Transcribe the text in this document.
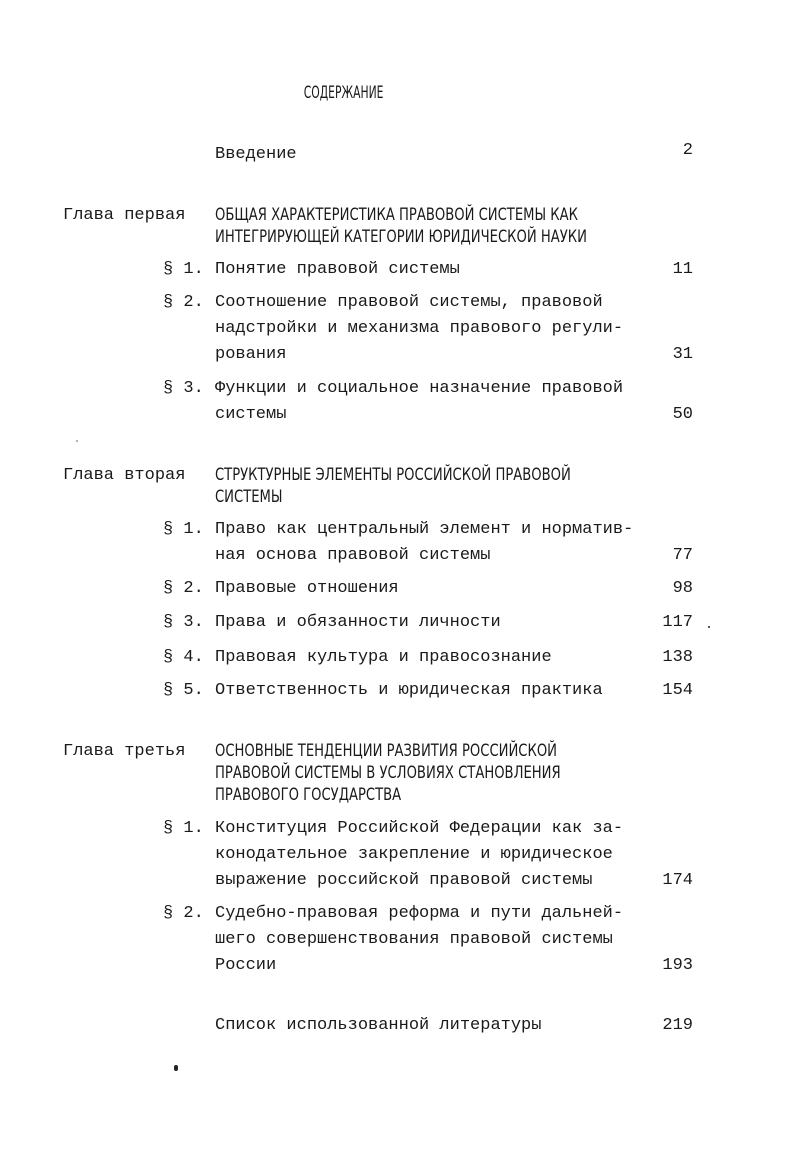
СОДЕРЖАНИЕ
Введение	2
Глава первая ОБЩАЯ ХАРАКТЕРИСТИКА ПРАВОВОЙ СИСТЕМЫ КАК
ИНТЕГРИРУЮЩЕЙ КАТЕГОРИИ ЮРИДИЧЕСКОЙ НАУКИ
§ 1. Понятие правовой системы	11
§ 2. Соотношение правовой системы, правовой
надстройки и механизма правового регули-
рования	31
§ 3. Функции и социальное назначение правовой
системы	50
Глава вторая СТРУКТУРНЫЕ ЭЛЕМЕНТЫ РОССИЙСКОЙ ПРАВОВОЙ
СИСТЕМЫ
§ 1. Право как центральный элемент и норматив-
ная основа правовой системы	77
§ 2. Правовые отношения	98
§ 3. Права и обязанности личности	117
§ 4. Правовая культура и правосознание	138
§ 5. Ответственность и юридическая практика	154
Глава третья ОСНОВНЫЕ ТЕНДЕНЦИИ РАЗВИТИЯ РОССИЙСКОЙ
ПРАВОВОЙ СИСТЕМЫ В УСЛОВИЯХ СТАНОВЛЕНИЯ
ПРАВОВОГО ГОСУДАРСТВА
§ 1. Конституция Российской Федерации как за-
конодательное закрепление и юридическое
выражение российской правовой системы	174
§ 2. Судебно-правовая реформа и пути дальней-
шего совершенствования правовой системы
России	193
Список использованной литературы	219
